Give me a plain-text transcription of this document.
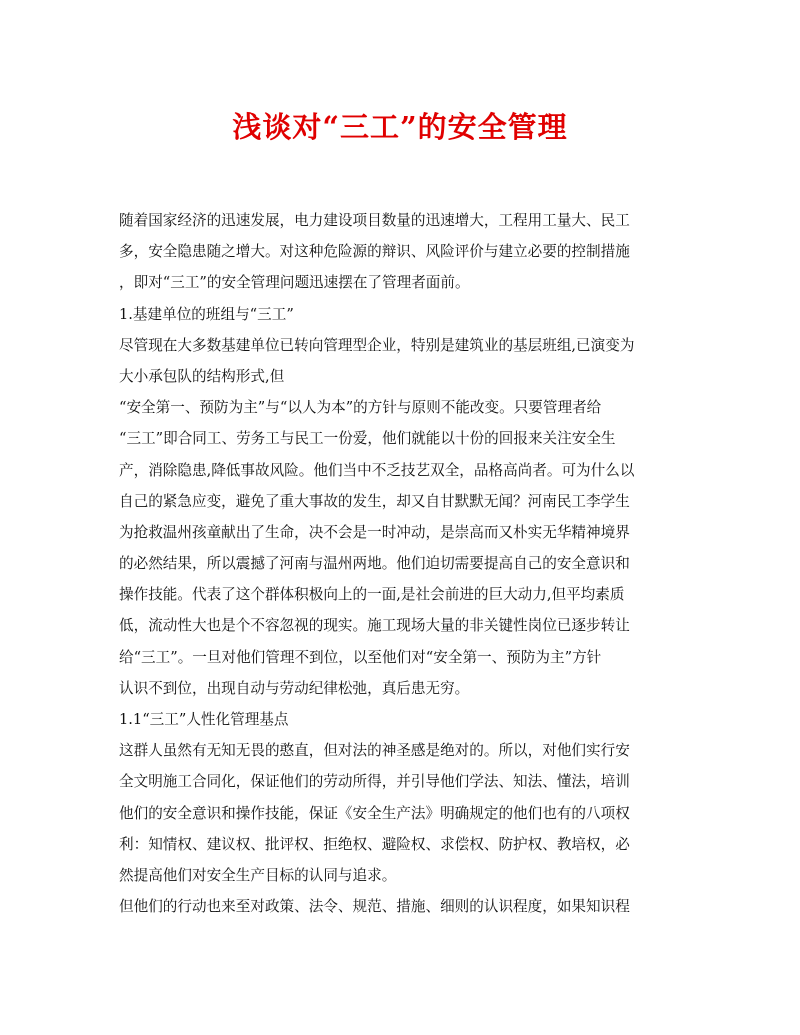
浅谈对“三工”的安全管理
随着国家经济的迅速发展，电力建设项目数量的迅速增大，工程用工量大、民工
多，安全隐患随之增大。对这种危险源的辩识、风险评价与建立必要的控制措施
，即对“三工”的安全管理问题迅速摆在了管理者面前。
1.基建单位的班组与“三工”
尽管现在大多数基建单位已转向管理型企业，特别是建筑业的基层班组,已演变为
大小承包队的结构形式,但
“安全第一、预防为主”与“以人为本”的方针与原则不能改变。只要管理者给
“三工”即合同工、劳务工与民工一份爱，他们就能以十份的回报来关注安全生
产，消除隐患,降低事故风险。他们当中不乏技艺双全，品格高尚者。可为什么以
自己的紧急应变，避免了重大事故的发生，却又自甘默默无闻？河南民工李学生
为抢救温州孩童献出了生命，决不会是一时冲动，是崇高而又朴实无华精神境界
的必然结果，所以震撼了河南与温州两地。他们迫切需要提高自己的安全意识和
操作技能。代表了这个群体积极向上的一面,是社会前进的巨大动力,但平均素质
低，流动性大也是个不容忽视的现实。施工现场大量的非关键性岗位已逐步转让
给“三工”。一旦对他们管理不到位，以至他们对“安全第一、预防为主”方针
认识不到位，出现自动与劳动纪律松弛，真后患无穷。
1.1“三工”人性化管理基点
这群人虽然有无知无畏的憨直，但对法的神圣感是绝对的。所以，对他们实行安
全文明施工合同化，保证他们的劳动所得，并引导他们学法、知法、懂法，培训
他们的安全意识和操作技能，保证《安全生产法》明确规定的他们也有的八项权
利：知情权、建议权、批评权、拒绝权、避险权、求偿权、防护权、教培权，必
然提高他们对安全生产目标的认同与追求。
但他们的行动也来至对政策、法令、规范、措施、细则的认识程度，如果知识程
